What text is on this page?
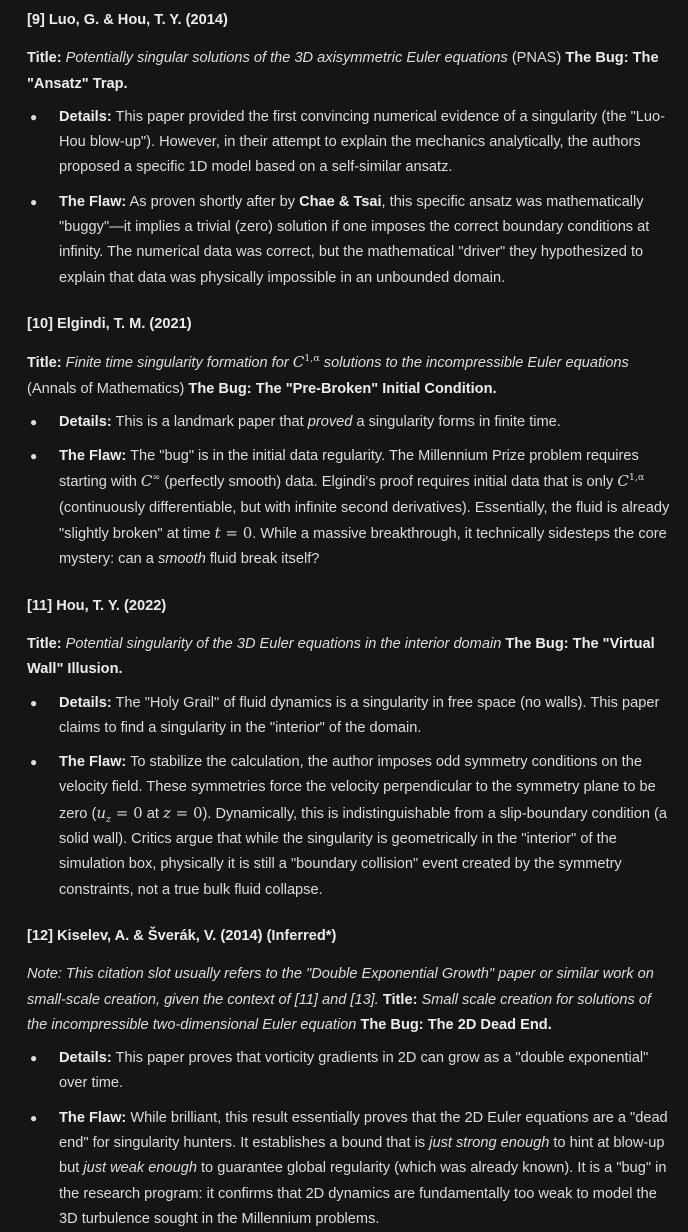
[9] Luo, G. & Hou, T. Y. (2014)
Title: Potentially singular solutions of the 3D axisymmetric Euler equations (PNAS) The Bug: The "Ansatz" Trap.
● Details: This paper provided the first convincing numerical evidence of a singularity (the "Luo-Hou blow-up"). However, in their attempt to explain the mechanics analytically, the authors proposed a specific 1D model based on a self-similar ansatz.
● The Flaw: As proven shortly after by Chae & Tsai, this specific ansatz was mathematically "buggy"—it implies a trivial (zero) solution if one imposes the correct boundary conditions at infinity. The numerical data was correct, but the mathematical "driver" they hypothesized to explain that data was physically impossible in an unbounded domain.
[10] Elgindi, T. M. (2021)
Title: Finite time singularity formation for $C^{1,\alpha}$ solutions to the incompressible Euler equations (Annals of Mathematics) The Bug: The "Pre-Broken" Initial Condition.
● Details: This is a landmark paper that proved a singularity forms in finite time.
● The Flaw: The "bug" is in the initial data regularity. The Millennium Prize problem requires starting with C∞ (perfectly smooth) data. Elgindi's proof requires initial data that is only $C^{1,\alpha}$ (continuously differentiable, but with infinite second derivatives). Essentially, the fluid is already "slightly broken" at time t = 0. While a massive breakthrough, it technically sidesteps the core mystery: can a smooth fluid break itself?
[11] Hou, T. Y. (2022)
Title: Potential singularity of the 3D Euler equations in the interior domain The Bug: The "Virtual Wall" Illusion.
● Details: The "Holy Grail" of fluid dynamics is a singularity in free space (no walls). This paper claims to find a singularity in the "interior" of the domain.
● The Flaw: To stabilize the calculation, the author imposes odd symmetry conditions on the velocity field. These symmetries force the velocity perpendicular to the symmetry plane to be zero ($u_z = 0$ at z = 0). Dynamically, this is indistinguishable from a slip-boundary condition (a solid wall). Critics argue that while the singularity is geometrically in the "interior" of the simulation box, physically it is still a "boundary collision" event created by the symmetry constraints, not a true bulk fluid collapse.
[12] Kiselev, A. & Šverák, V. (2014) (Inferred*)
Note: This citation slot usually refers to the "Double Exponential Growth" paper or similar work on small-scale creation, given the context of [11] and [13]. Title: Small scale creation for solutions of the incompressible two-dimensional Euler equation The Bug: The 2D Dead End.
● Details: This paper proves that vorticity gradients in 2D can grow as a "double exponential" over time.
● The Flaw: While brilliant, this result essentially proves that the 2D Euler equations are a "dead end" for singularity hunters. It establishes a bound that is just strong enough to hint at blow-up but just weak enough to guarantee global regularity (which was already known). It is a "bug" in the research program: it confirms that 2D dynamics are fundamentally too weak to model the 3D turbulence sought in the Millennium problems.
